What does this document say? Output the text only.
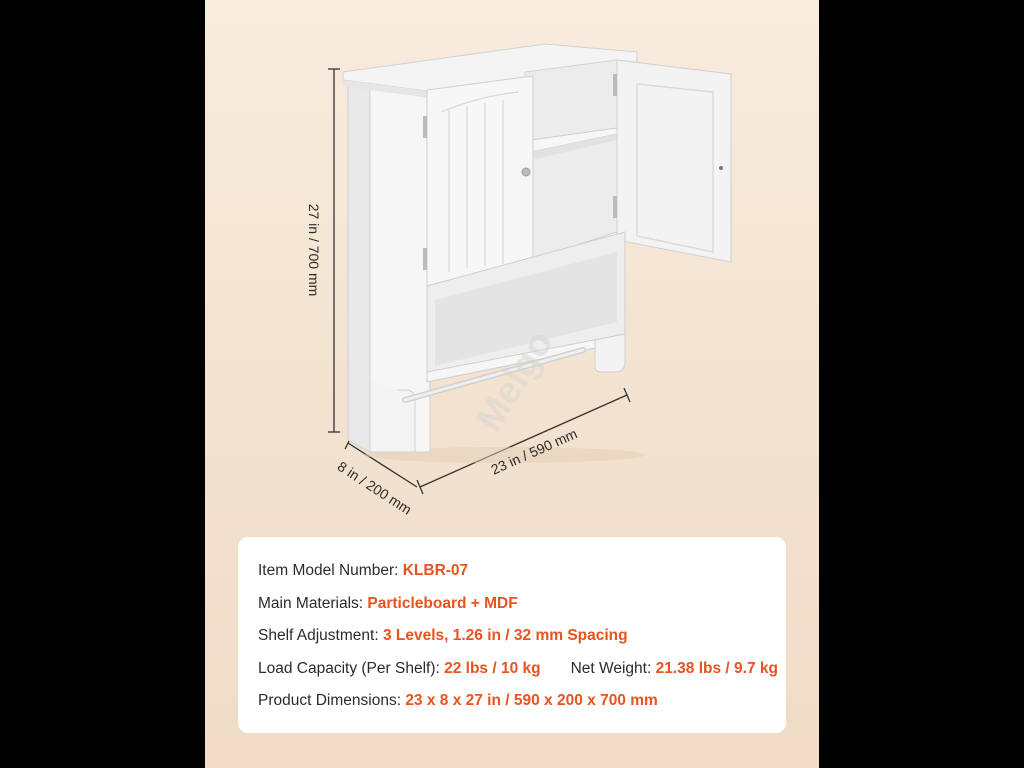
Melgo
27 in / 700 mm
23 in / 590 mm
8 in / 200 mm
Item Model Number: KLBR-07
Main Materials: Particleboard + MDF
Shelf Adjustment: 3 Levels, 1.26 in / 32 mm Spacing
Load Capacity (Per Shelf): 22 lbs / 10 kg Net Weight: 21.38 lbs / 9.7 kg
Product Dimensions: 23 x 8 x 27 in / 590 x 200 x 700 mm
